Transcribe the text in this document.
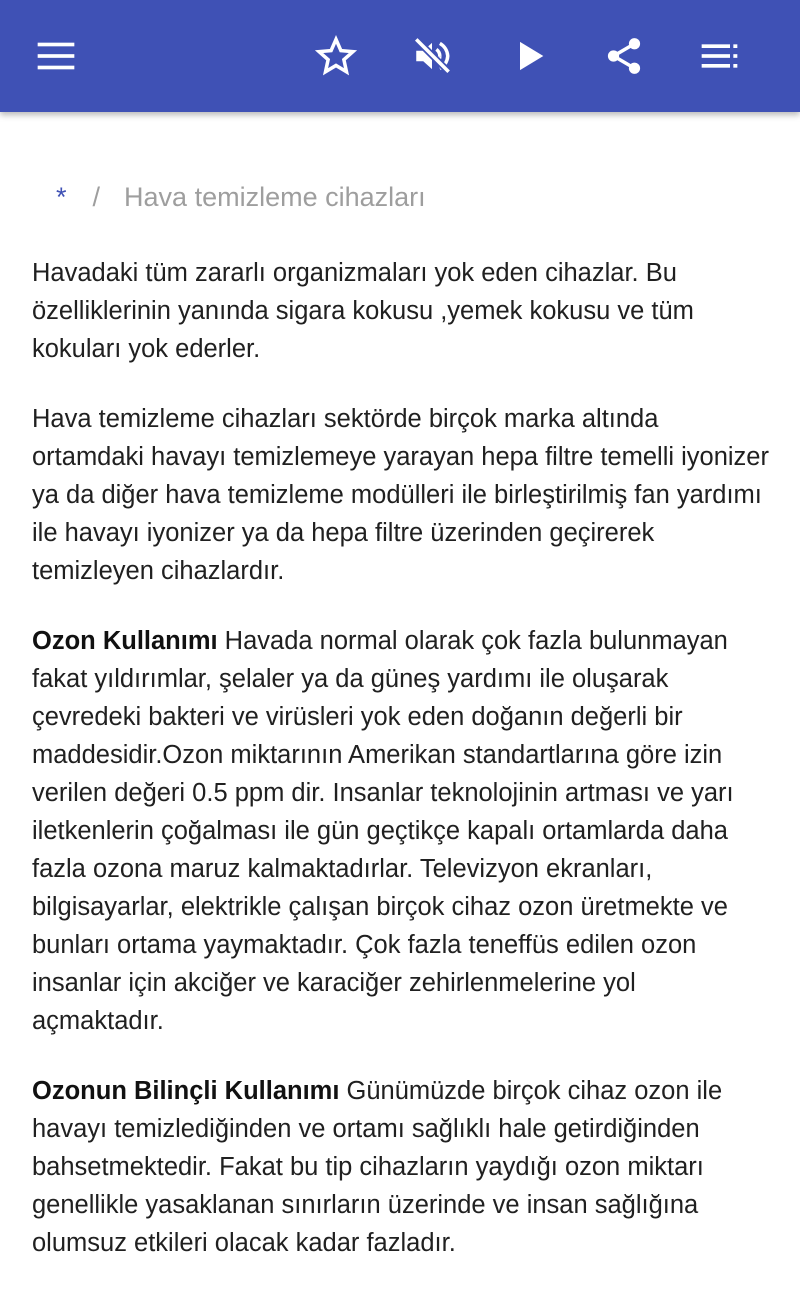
* / Hava temizleme cihazları

Havadaki tüm zararlı organizmaları yok eden cihazlar. Bu özelliklerinin yanında sigara kokusu ,yemek kokusu ve tüm kokuları yok ederler.

Hava temizleme cihazları sektörde birçok marka altında ortamdaki havayı temizlemeye yarayan hepa filtre temelli iyonizer ya da diğer hava temizleme modülleri ile birleştirilmiş fan yardımı ile havayı iyonizer ya da hepa filtre üzerinden geçirerek temizleyen cihazlardır.

Ozon Kullanımı Havada normal olarak çok fazla bulunmayan fakat yıldırımlar, şelaler ya da güneş yardımı ile oluşarak çevredeki bakteri ve virüsleri yok eden doğanın değerli bir maddesidir.Ozon miktarının Amerikan standartlarına göre izin verilen değeri 0.5 ppm dir. Insanlar teknolojinin artması ve yarı iletkenlerin çoğalması ile gün geçtikçe kapalı ortamlarda daha fazla ozona maruz kalmaktadırlar. Televizyon ekranları, bilgisayarlar, elektrikle çalışan birçok cihaz ozon üretmekte ve bunları ortama yaymaktadır. Çok fazla teneffüs edilen ozon insanlar için akciğer ve karaciğer zehirlenmelerine yol açmaktadır.

Ozonun Bilinçli Kullanımı Günümüzde birçok cihaz ozon ile havayı temizlediğinden ve ortamı sağlıklı hale getirdiğinden bahsetmektedir. Fakat bu tip cihazların yaydığı ozon miktarı genellikle yasaklanan sınırların üzerinde ve insan sağlığına olumsuz etkileri olacak kadar fazladır.
